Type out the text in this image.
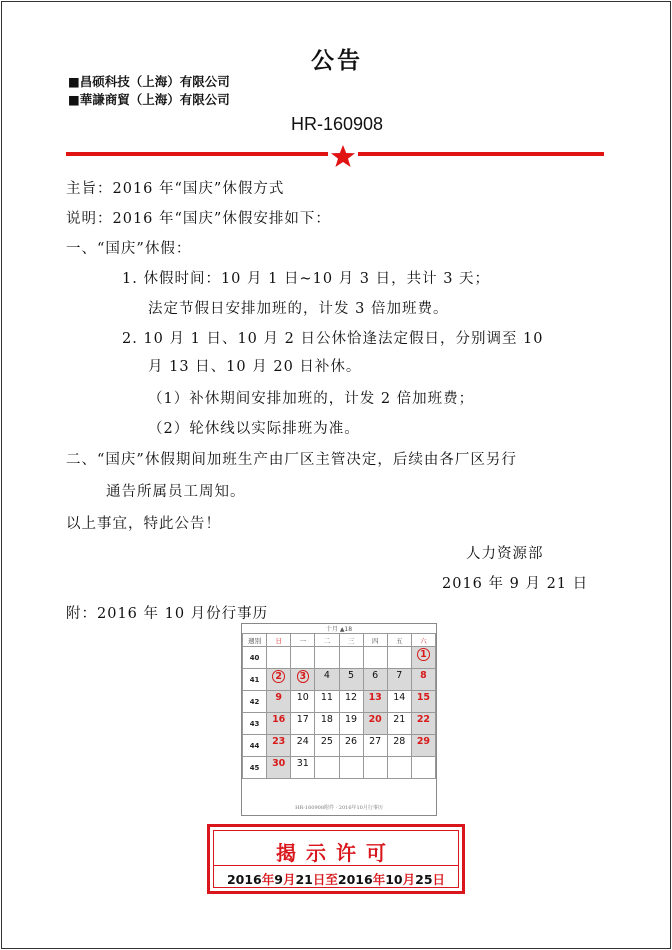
公告
■昌硕科技（上海）有限公司
■華謙商貿（上海）有限公司
HR-160908
主旨：2016 年“国庆”休假方式
说明：2016 年“国庆”休假安排如下：
一、“国庆”休假：
1. 休假时间：10 月 1 日~10 月 3 日，共计 3 天；
法定节假日安排加班的，计发 3 倍加班费。
2. 10 月 1 日、10 月 2 日公休恰逢法定假日，分别调至 10
月 13 日、10 月 20 日补休。
（1）补休期间安排加班的，计发 2 倍加班费；
（2）轮休线以实际排班为准。
二、“国庆”休假期间加班生产由厂区主管决定，后续由各厂区另行
通告所属员工周知。
以上事宜，特此公告！
人力资源部
2016 年 9 月 21 日
附：2016 年 10 月份行事历
十月 ▲18							
週別	日	一	二	三	四	五	六
40							1
41	2	3	4	5	6	7	8
42	9	10	11	12	13	14	15
43	16	17	18	19	20	21	22
44	23	24	25	26	27	28	29
45	30	31					
HR-160908附件 · 2016年10月行事历
揭示许可
2016年9月21日至2016年10月25日
